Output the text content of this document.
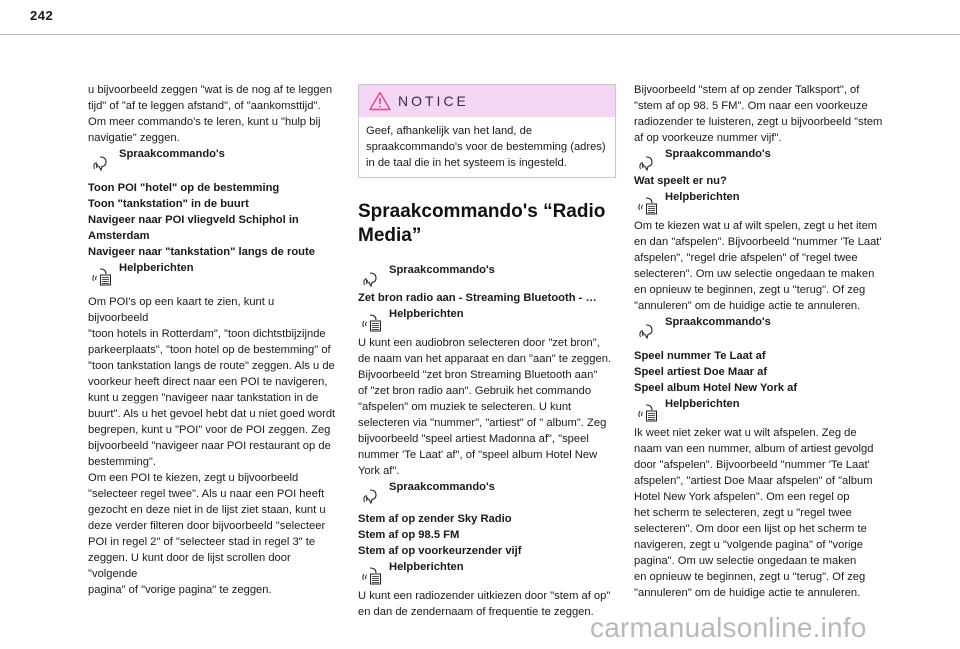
242

u bijvoorbeeld zeggen "wat is de nog af te leggen

tijd" of "af te leggen afstand", of "aankomsttijd".

Om meer commando's te leren, kunt u "hulp bij

navigatie" zeggen.

Spraakcommando's

Toon POI "hotel" op de bestemming

Toon "tankstation" in de buurt

Navigeer naar POI vliegveld Schiphol in

Amsterdam

Navigeer naar "tankstation" langs de route

Helpberichten

Om POI's op een kaart te zien, kunt u bijvoorbeeld

"toon hotels in Rotterdam", "toon dichtstbijzijnde

parkeerplaats", "toon hotel op de bestemming" of

"toon tankstation langs de route" zeggen. Als u de

voorkeur heeft direct naar een POI te navigeren,

kunt u zeggen "navigeer naar tankstation in de

buurt". Als u het gevoel hebt dat u niet goed wordt

begrepen, kunt u "POI" voor de POI zeggen. Zeg

bijvoorbeeld "navigeer naar POI restaurant op de

bestemming".

Om een POI te kiezen, zegt u bijvoorbeeld

"selecteer regel twee". Als u naar een POI heeft

gezocht en deze niet in de lijst ziet staan, kunt u

deze verder filteren door bijvoorbeeld "selecteer

POI in regel 2" of "selecteer stad in regel 3" te

zeggen. U kunt door de lijst scrollen door "volgende

pagina" of "vorige pagina" te zeggen.

NOTICE

Geef, afhankelijk van het land, de

spraakcommando's voor de bestemming (adres)

in de taal die in het systeem is ingesteld.

Spraakcommando's “Radio
Media”
Spraakcommando's

Zet bron radio aan - Streaming Bluetooth - …

Helpberichten

U kunt een audiobron selecteren door "zet bron",

de naam van het apparaat en dan "aan" te zeggen.

Bijvoorbeeld "zet bron Streaming Bluetooth aan"

of "zet bron radio aan". Gebruik het commando

"afspelen" om muziek te selecteren. U kunt

selecteren via "nummer", "artiest" of " album". Zeg

bijvoorbeeld "speel artiest Madonna af", "speel

nummer 'Te Laat' af", of "speel album Hotel New

York af".

Spraakcommando's

Stem af op zender Sky Radio

Stem af op 98.5 FM

Stem af op voorkeurzender vijf

Helpberichten

U kunt een radiozender uitkiezen door "stem af op"

en dan de zendernaam of frequentie te zeggen.

Bijvoorbeeld "stem af op zender Talksport", of

"stem af op 98. 5 FM". Om naar een voorkeuze

radiozender te luisteren, zegt u bijvoorbeeld "stem

af op voorkeuze nummer vijf".

Spraakcommando's

Wat speelt er nu?

Helpberichten

Om te kiezen wat u af wilt spelen, zegt u het item

en dan "afspelen". Bijvoorbeeld "nummer 'Te Laat'

afspelen", "regel drie afspelen" of "regel twee

selecteren". Om uw selectie ongedaan te maken

en opnieuw te beginnen, zegt u "terug". Of zeg

"annuleren" om de huidige actie te annuleren.

Spraakcommando's

Speel nummer Te Laat af

Speel artiest Doe Maar af

Speel album Hotel New York af

Helpberichten

Ik weet niet zeker wat u wilt afspelen. Zeg de

naam van een nummer, album of artiest gevolgd

door "afspelen". Bijvoorbeeld "nummer 'Te Laat'

afspelen", "artiest Doe Maar afspelen" of "album

Hotel New York afspelen". Om een regel op

het scherm te selecteren, zegt u "regel twee

selecteren". Om door een lijst op het scherm te

navigeren, zegt u "volgende pagina" of "vorige

pagina". Om uw selectie ongedaan te maken

en opnieuw te beginnen, zegt u "terug". Of zeg

"annuleren" om de huidige actie te annuleren.

carmanualsonline.info
